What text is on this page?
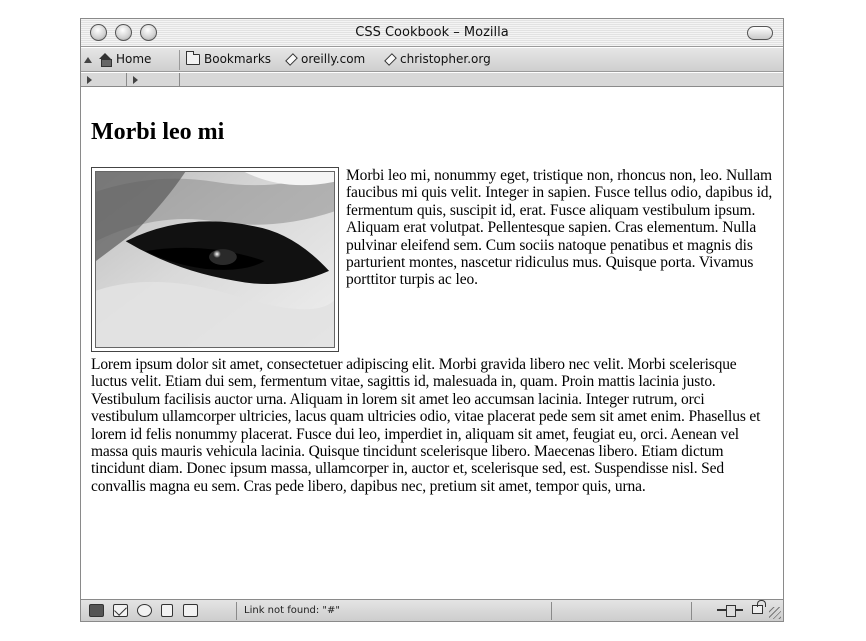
CSS Cookbook – Mozilla
Home	Bookmarks oreilly.com	christopher.org
Morbi leo mi

Morbi leo mi, nonummy eget, tristique non, rhoncus non, leo. Nullam faucibus mi quis velit. Integer in sapien. Fusce tellus odio, dapibus id, fermentum quis, suscipit id, erat. Fusce aliquam vestibulum ipsum. Aliquam erat volutpat. Pellentesque sapien. Cras elementum. Nulla pulvinar eleifend sem. Cum sociis natoque penatibus et magnis dis parturient montes, nascetur ridiculus mus. Quisque porta. Vivamus porttitor turpis ac leo.

Lorem ipsum dolor sit amet, consectetuer adipiscing elit. Morbi gravida libero nec velit. Morbi scelerisque luctus velit. Etiam dui sem, fermentum vitae, sagittis id, malesuada in, quam. Proin mattis lacinia justo. Vestibulum facilisis auctor urna. Aliquam in lorem sit amet leo accumsan lacinia. Integer rutrum, orci vestibulum ullamcorper ultricies, lacus quam ultricies odio, vitae placerat pede sem sit amet enim. Phasellus et lorem id felis nonummy placerat. Fusce dui leo, imperdiet in, aliquam sit amet, feugiat eu, orci. Aenean vel massa quis mauris vehicula lacinia. Quisque tincidunt scelerisque libero. Maecenas libero. Etiam dictum tincidunt diam. Donec ipsum massa, ullamcorper in, auctor et, scelerisque sed, est. Suspendisse nisl. Sed convallis magna eu sem. Cras pede libero, dapibus nec, pretium sit amet, tempor quis, urna.

Link not found: "#"
